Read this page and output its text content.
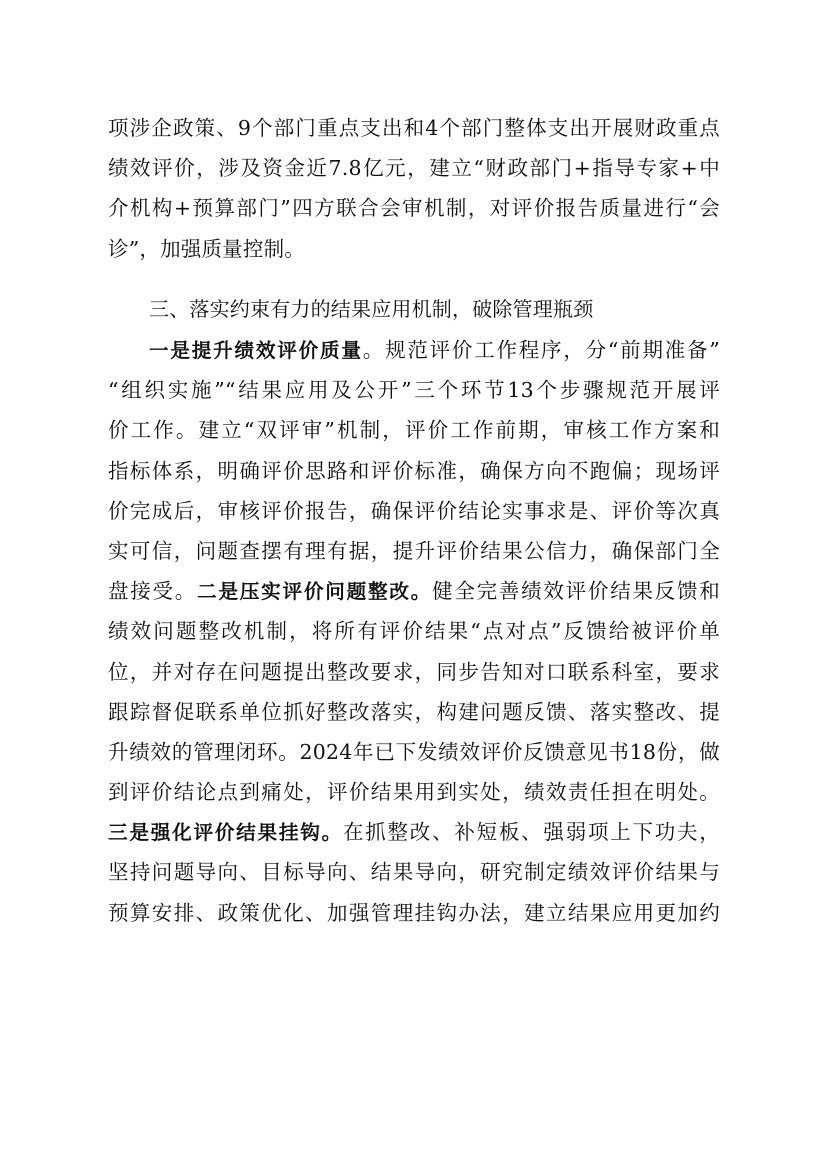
项涉企政策、9个部门重点支出和4个部门整体支出开展财政重点
绩效评价，涉及资金近7.8亿元，建立“财政部门+指导专家+中
介机构+预算部门”四方联合会审机制，对评价报告质量进行“会
诊”，加强质量控制。
三、落实约束有力的结果应用机制，破除管理瓶颈
一是提升绩效评价质量。规范评价工作程序，分“前期准备”
“组织实施”“结果应用及公开”三个环节13个步骤规范开展评
价工作。建立“双评审”机制，评价工作前期，审核工作方案和
指标体系，明确评价思路和评价标准，确保方向不跑偏；现场评
价完成后，审核评价报告，确保评价结论实事求是、评价等次真
实可信，问题查摆有理有据，提升评价结果公信力，确保部门全
盘接受。二是压实评价问题整改。健全完善绩效评价结果反馈和
绩效问题整改机制，将所有评价结果“点对点”反馈给被评价单
位，并对存在问题提出整改要求，同步告知对口联系科室，要求
跟踪督促联系单位抓好整改落实，构建问题反馈、落实整改、提
升绩效的管理闭环。2024年已下发绩效评价反馈意见书18份，做
到评价结论点到痛处，评价结果用到实处，绩效责任担在明处。
三是强化评价结果挂钩。在抓整改、补短板、强弱项上下功夫，
坚持问题导向、目标导向、结果导向，研究制定绩效评价结果与
预算安排、政策优化、加强管理挂钩办法，建立结果应用更加约
